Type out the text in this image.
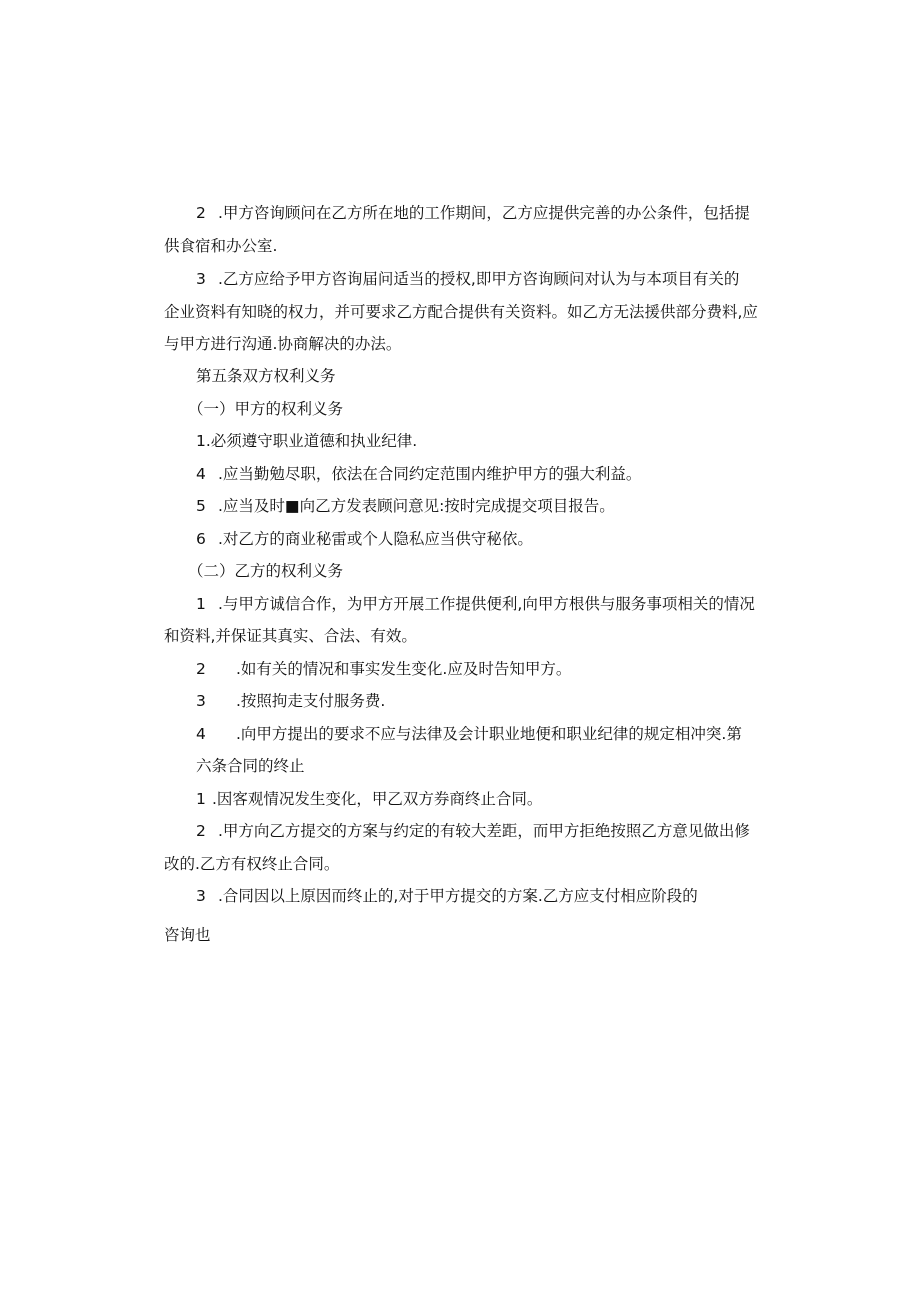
2 .甲方咨询顾问在乙方所在地的工作期间，乙方应提供完善的办公条件，包括提
供食宿和办公室.
3 .乙方应给予甲方咨询届问适当的授权,即甲方咨询顾问对认为与本项目有关的
企业资料有知晓的权力，并可要求乙方配合提供有关资料。如乙方无法援供部分费料,应
与甲方进行沟通.协商解决的办法。
第五条双方权利义务
（一）甲方的权利义务
1.必须遵守职业道德和执业纪律.
4 .应当勤勉尽职，依法在合同约定范围内维护甲方的强大利益。
5 .应当及时■向乙方发表顾问意见:按时完成提交项目报告。
6 .对乙方的商业秘雷或个人隐私应当供守秘依。
（二）乙方的权利义务
1 .与甲方诚信合作，为甲方开展工作提供便利,向甲方根供与服务事项相关的情况
和资料,并保证其真实、合法、有效。
2 .如有关的情况和事实发生变化.应及时告知甲方。
3 .按照拘走支付服务费.
4 .向甲方提出的要求不应与法律及会计职业地便和职业纪律的规定相冲突.第
六条合同的终止
1 .因客观情况发生变化，甲乙双方券商终止合同。
2 .甲方向乙方提交的方案与约定的有较大差距，而甲方拒绝按照乙方意见做出修
改的.乙方有权终止合同。
3 .合同因以上原因而终止的,对于甲方提交的方案.乙方应支付相应阶段的
咨询也
